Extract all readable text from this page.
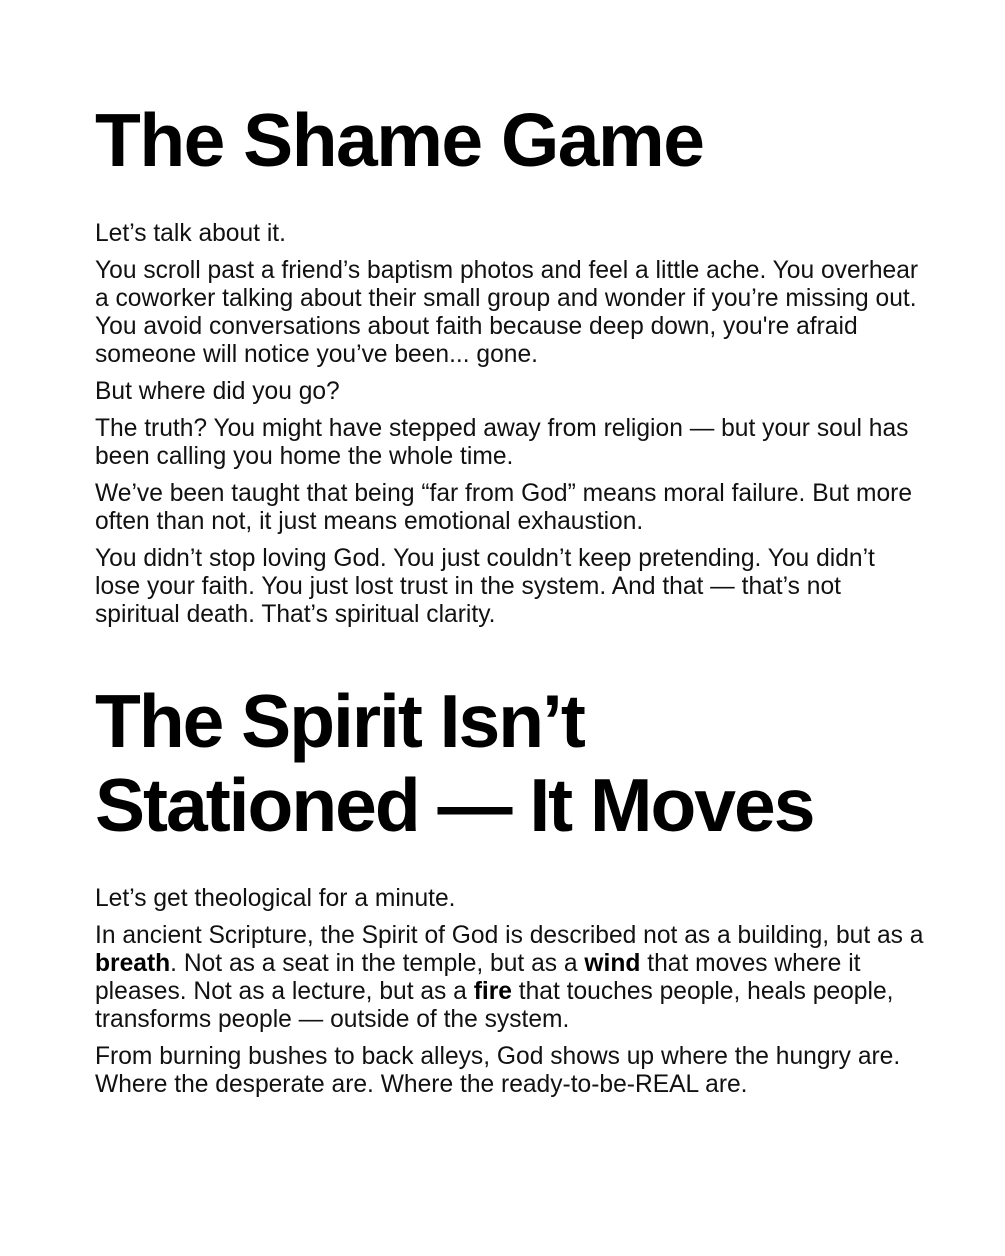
The Shame Game

Let’s talk about it.

You scroll past a friend’s baptism photos and feel a little ache. You overhear a coworker talking about their small group and wonder if you’re missing out. You avoid conversations about faith because deep down, you're afraid someone will notice you’ve been... gone.

But where did you go?

The truth? You might have stepped away from religion — but your soul has been calling you home the whole time.

We’ve been taught that being “far from God” means moral failure. But more often than not, it just means emotional exhaustion.

You didn’t stop loving God. You just couldn’t keep pretending. You didn’t lose your faith. You just lost trust in the system. And that — that’s not spiritual death. That’s spiritual clarity.

The Spirit Isn’t
Stationed — It Moves

Let’s get theological for a minute.

In ancient Scripture, the Spirit of God is described not as a building, but as a breath. Not as a seat in the temple, but as a wind that moves where it pleases. Not as a lecture, but as a fire that touches people, heals people, transforms people — outside of the system.

From burning bushes to back alleys, God shows up where the hungry are. Where the desperate are. Where the ready-to-be-REAL are.
